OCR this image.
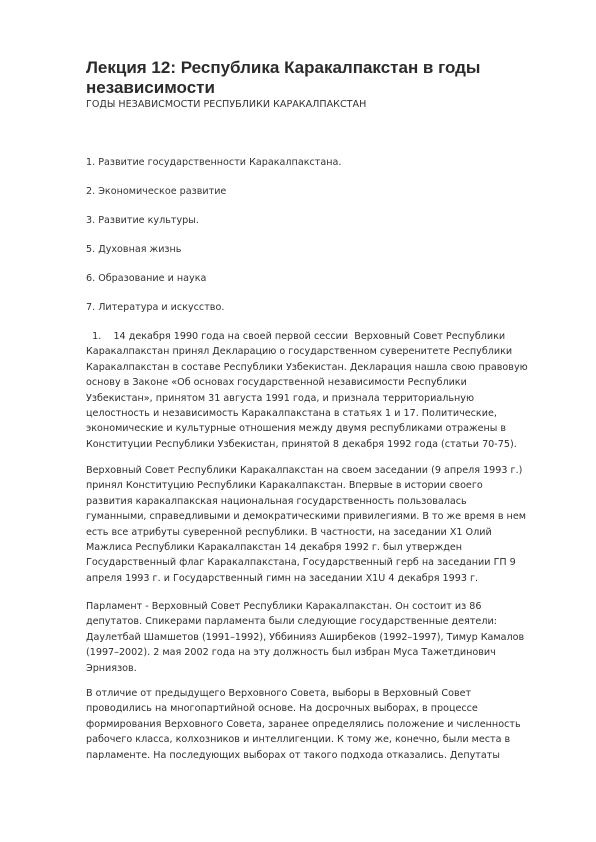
Лекция 12: Республика Каракалпакстан в годы
независимости

ГОДЫ НЕЗАВИСМОСТИ РЕСПУБЛИКИ КАРАКАЛПАКСТАН

1. Развитие государственности Каракалпакстана.
2. Экономическое развитие
3. Развитие культуры.
5. Духовная жизнь
6. Образование и наука
7. Литература и искусство.
1.    14 декабря 1990 года на своей первой сессии  Верховный Совет Республики
Каракалпакстан принял Декларацию о государственном суверенитете Республики
Каракалпакстан в составе Республики Узбекистан. Декларация нашла свою правовую
основу в Законе «Об основах государственной независимости Республики
Узбекистан», принятом 31 августа 1991 года, и признала территориальную
целостность и независимость Каракалпакстана в статьях 1 и 17. Политические,
экономические и культурные отношения между двумя республиками отражены в
Конституции Республики Узбекистан, принятой 8 декабря 1992 года (статьи 70-75).
Верховный Совет Республики Каракалпакстан на своем заседании (9 апреля 1993 г.)
принял Конституцию Республики Каракалпакстан. Впервые в истории своего
развития каракалпакская национальная государственность пользовалась
гуманными, справедливыми и демократическими привилегиями. В то же время в нем
есть все атрибуты суверенной республики. В частности, на заседании Х1 Олий
Мажлиса Республики Каракалпакстан 14 декабря 1992 г. был утвержден
Государственный флаг Каракалпакстана, Государственный герб на заседании ГП 9
апреля 1993 г. и Государственный гимн на заседании Х1Ս 4 декабря 1993 г.
Парламент - Верховный Совет Республики Каракалпакстан. Он состоит из 86
депутатов. Спикерами парламента были следующие государственные деятели:
Даулетбай Шамшетов (1991–1992), Уббинияз Аширбеков (1992–1997), Тимур Камалов
(1997–2002). 2 мая 2002 года на эту должность был избран Муса Тажетдинович
Эрниязов.
В отличие от предыдущего Верховного Совета, выборы в Верховный Совет
проводились на многопартийной основе. На досрочных выборах, в процессе
формирования Верховного Совета, заранее определялись положение и численность
рабочего класса, колхозников и интеллигенции. К тому же, конечно, были места в
парламенте. На последующих выборах от такого подхода отказались. Депутаты
